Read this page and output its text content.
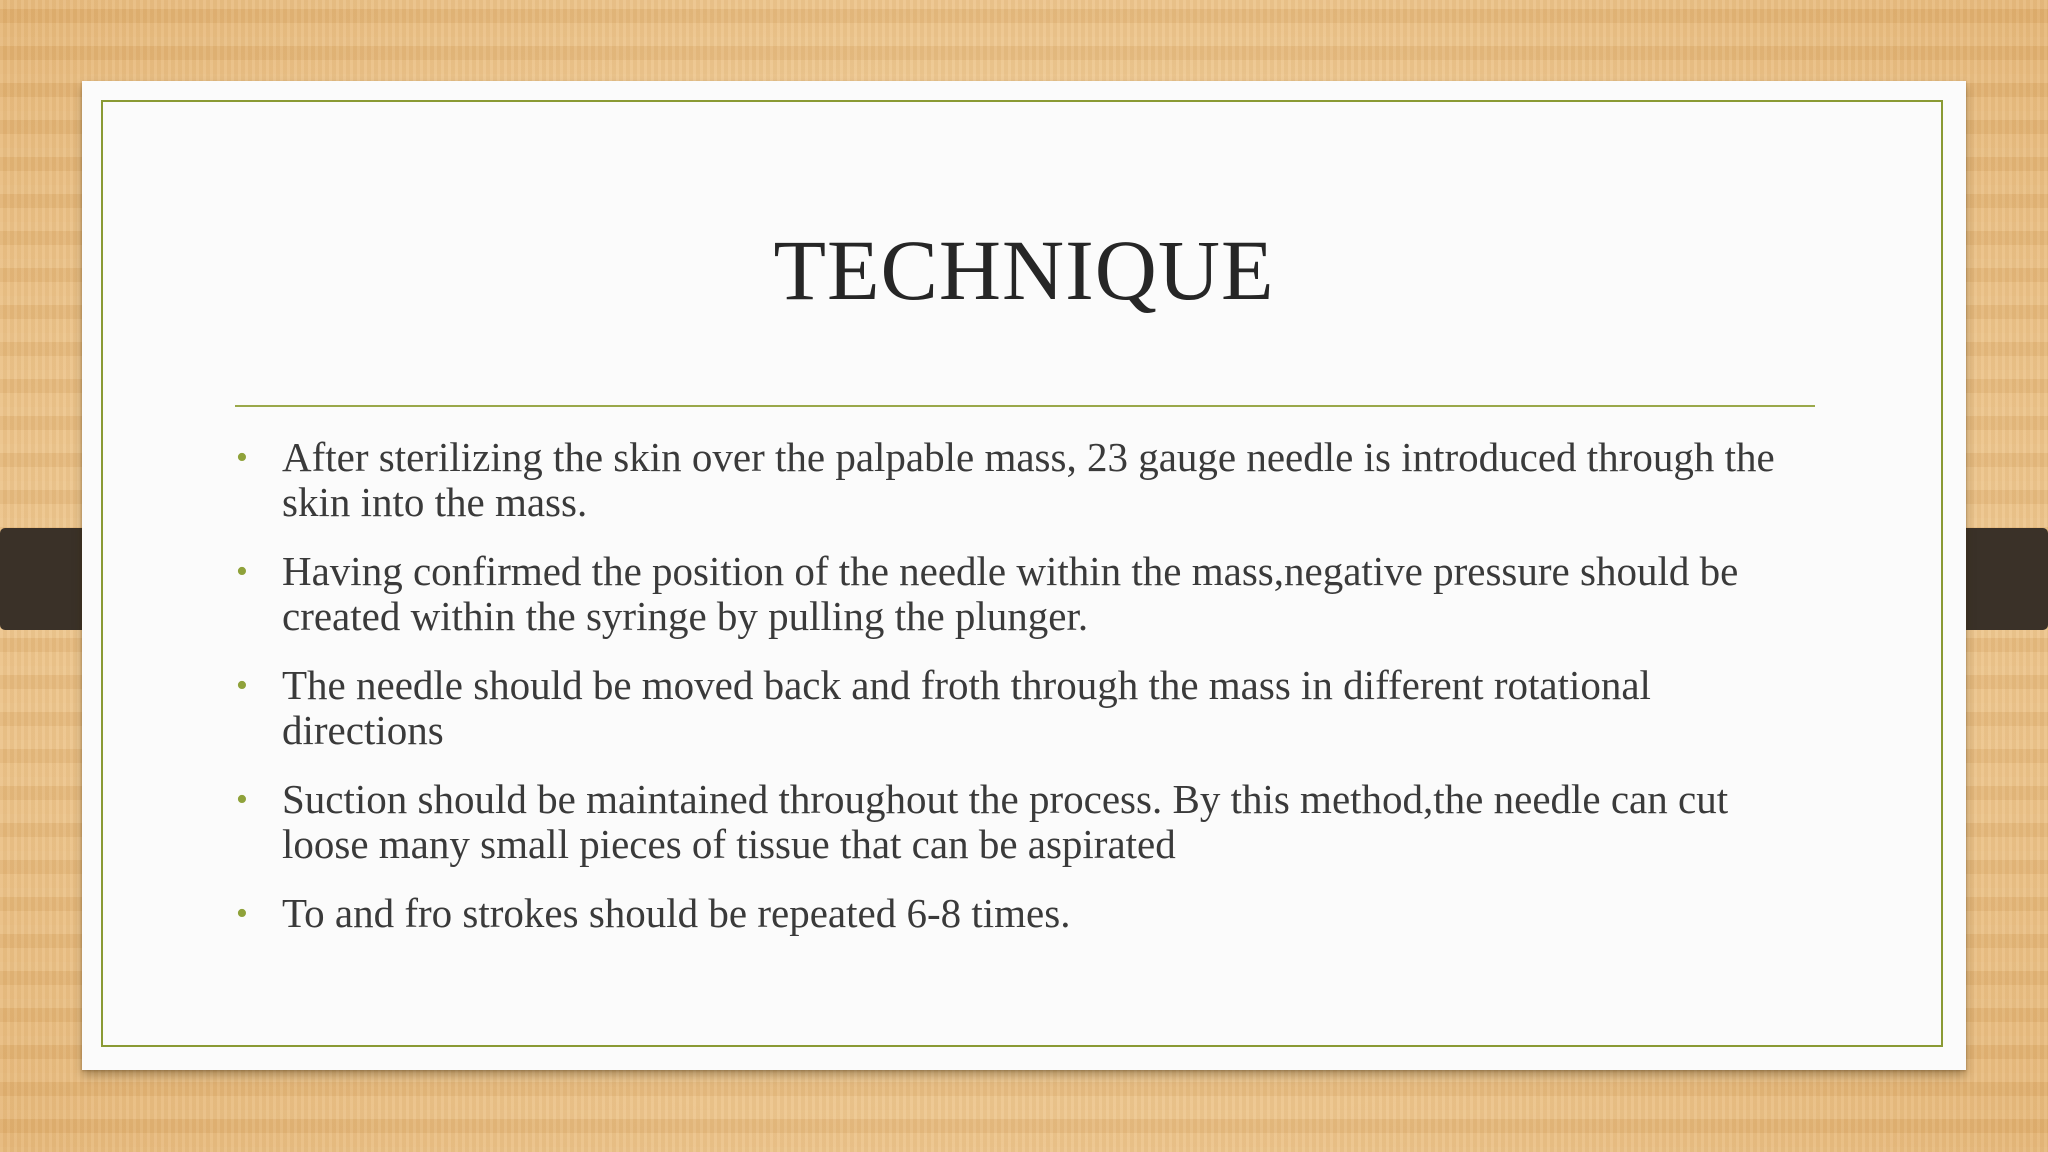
TECHNIQUE
• After sterilizing the skin over the palpable mass, 23 gauge needle is introduced through the skin into the mass.
• Having confirmed the position of the needle within the mass,negative pressure should be created within the syringe by pulling the plunger.
• The needle should be moved back and froth through the mass in different rotational directions
• Suction should be maintained throughout the process. By this method,the needle can cut loose many small pieces of tissue that can be aspirated
• To and fro strokes should be repeated 6-8 times.
